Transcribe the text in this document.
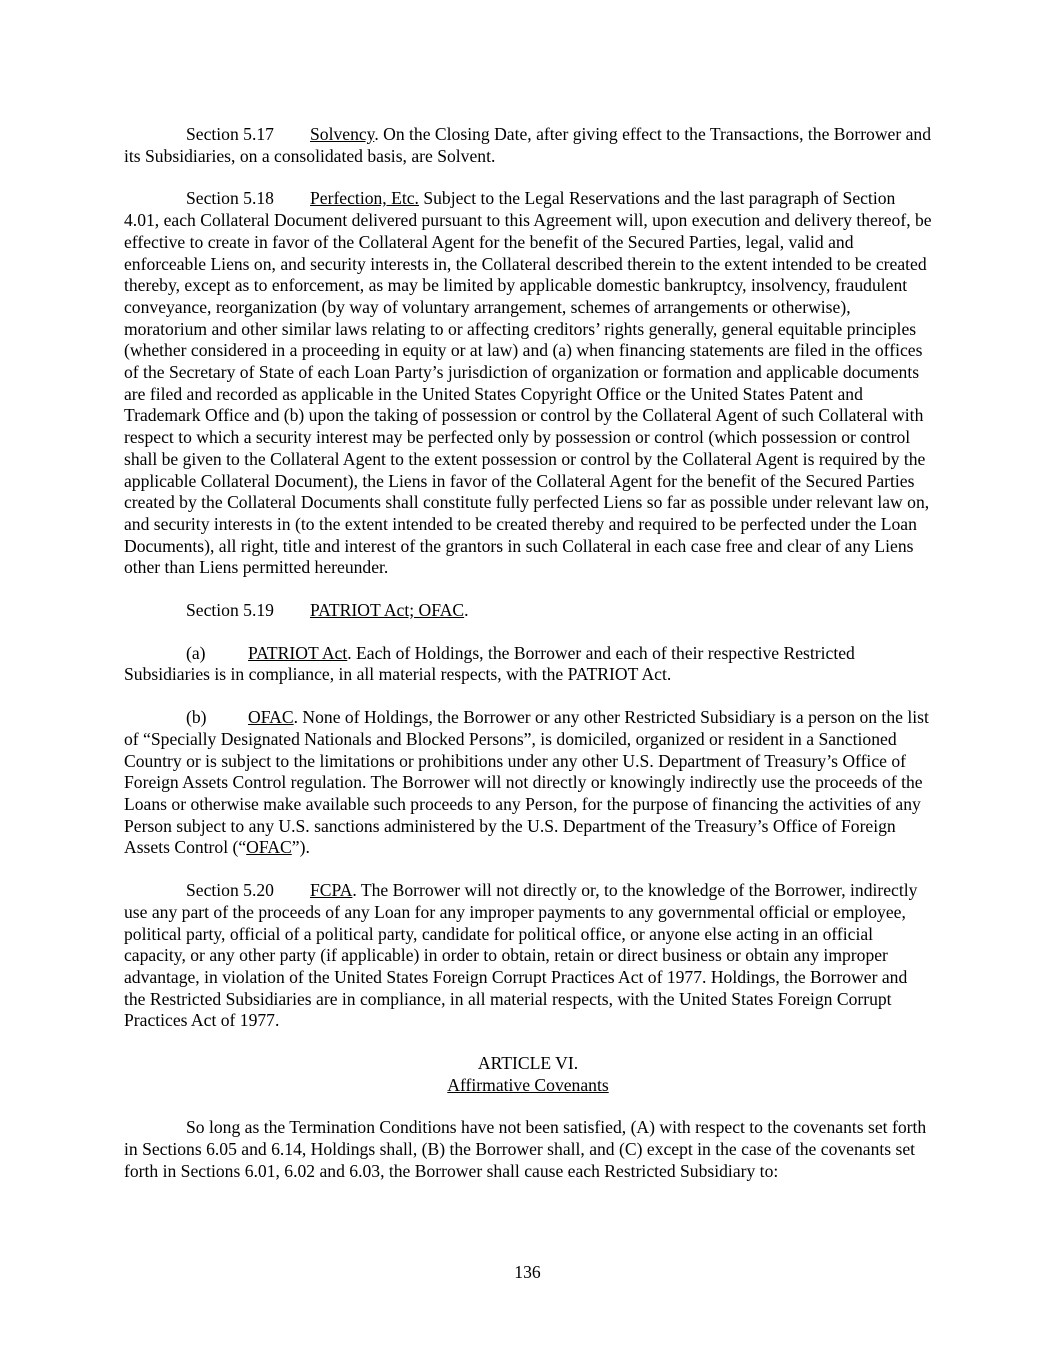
Section 5.17 Solvency. On the Closing Date, after giving effect to the Transactions, the Borrower and its Subsidiaries, on a consolidated basis, are Solvent.

Section 5.18 Perfection, Etc. Subject to the Legal Reservations and the last paragraph of Section 4.01, each Collateral Document delivered pursuant to this Agreement will, upon execution and delivery thereof, be effective to create in favor of the Collateral Agent for the benefit of the Secured Parties, legal, valid and enforceable Liens on, and security interests in, the Collateral described therein to the extent intended to be created thereby, except as to enforcement, as may be limited by applicable domestic bankruptcy, insolvency, fraudulent conveyance, reorganization (by way of voluntary arrangement, schemes of arrangements or otherwise), moratorium and other similar laws relating to or affecting creditors’ rights generally, general equitable principles (whether considered in a proceeding in equity or at law) and (a) when financing statements are filed in the offices of the Secretary of State of each Loan Party’s jurisdiction of organization or formation and applicable documents are filed and recorded as applicable in the United States Copyright Office or the United States Patent and Trademark Office and (b) upon the taking of possession or control by the Collateral Agent of such Collateral with respect to which a security interest may be perfected only by possession or control (which possession or control shall be given to the Collateral Agent to the extent possession or control by the Collateral Agent is required by the applicable Collateral Document), the Liens in favor of the Collateral Agent for the benefit of the Secured Parties created by the Collateral Documents shall constitute fully perfected Liens so far as possible under relevant law on, and security interests in (to the extent intended to be created thereby and required to be perfected under the Loan Documents), all right, title and interest of the grantors in such Collateral in each case free and clear of any Liens other than Liens permitted hereunder.

Section 5.19 PATRIOT Act; OFAC.

(a) PATRIOT Act. Each of Holdings, the Borrower and each of their respective Restricted Subsidiaries is in compliance, in all material respects, with the PATRIOT Act.

(b) OFAC. None of Holdings, the Borrower or any other Restricted Subsidiary is a person on the list of “Specially Designated Nationals and Blocked Persons”, is domiciled, organized or resident in a Sanctioned Country or is subject to the limitations or prohibitions under any other U.S. Department of Treasury’s Office of Foreign Assets Control regulation. The Borrower will not directly or knowingly indirectly use the proceeds of the Loans or otherwise make available such proceeds to any Person, for the purpose of financing the activities of any Person subject to any U.S. sanctions administered by the U.S. Department of the Treasury’s Office of Foreign Assets Control (“OFAC”).

Section 5.20 FCPA. The Borrower will not directly or, to the knowledge of the Borrower, indirectly use any part of the proceeds of any Loan for any improper payments to any governmental official or employee, political party, official of a political party, candidate for political office, or anyone else acting in an official capacity, or any other party (if applicable) in order to obtain, retain or direct business or obtain any improper advantage, in violation of the United States Foreign Corrupt Practices Act of 1977. Holdings, the Borrower and the Restricted Subsidiaries are in compliance, in all material respects, with the United States Foreign Corrupt Practices Act of 1977.

ARTICLE VI.

Affirmative Covenants

So long as the Termination Conditions have not been satisfied, (A) with respect to the covenants set forth in Sections 6.05 and 6.14, Holdings shall, (B) the Borrower shall, and (C) except in the case of the covenants set forth in Sections 6.01, 6.02 and 6.03, the Borrower shall cause each Restricted Subsidiary to:

136
